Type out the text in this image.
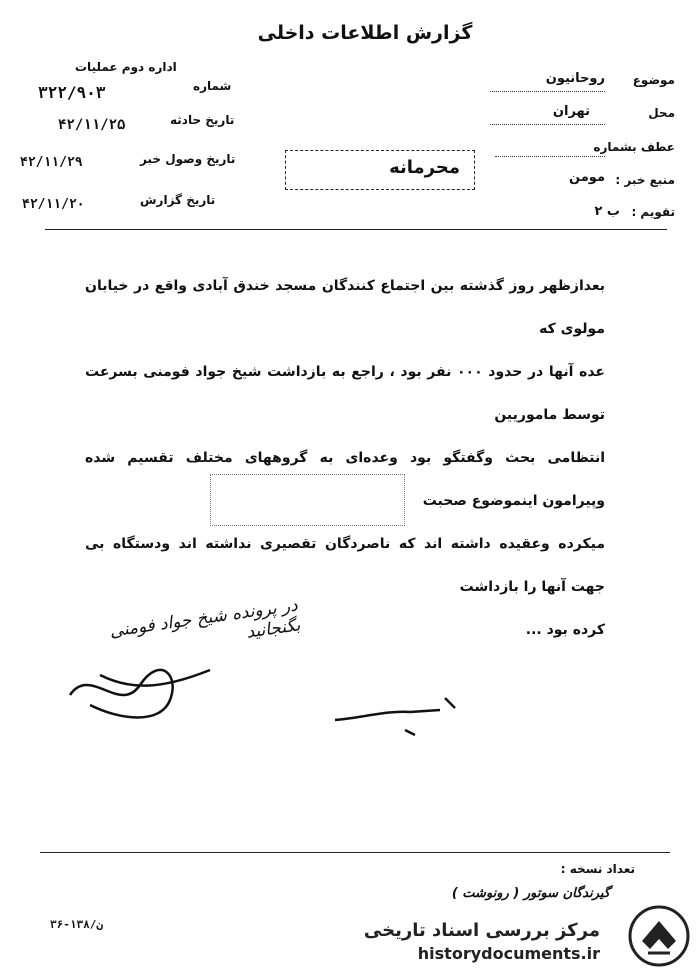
گزارش اطلاعات داخلی
اداره دوم عملیات
شماره
۳۲۲/۹۰۳
تاریخ حادثه
۴۲/۱۱/۲۵
تاریخ وصول خبر
۴۲/۱۱/۲۹
تاریخ گزارش
۴۲/۱۱/۲۰
محرمانه
موضوع
روحانیون
محل
تهران
عطف بشماره
منبع خبر :
مومن
تقویم :
ب ۲
بعدازظهر روز گذشته بین اجتماع کنندگان مسجد خندق آبادی واقع در خیابان مولوی که
عده آنها در حدود ۰۰۰ نفر بود ، راجع به بازداشت شیخ جواد فومنی بسرعت توسط ماموریین
انتظامی بحث وگفتگو بود وعده‌ای به گروههای مختلف تقسیم شده وپیرامون اینموضوع صحبت
میکرده وعقیده داشته اند که ناصردگان تقصیری نداشته اند ودستگاه بی جهت آنها را بازداشت
کرده بود ...
در پرونده شیخ جواد فومنی بگنجانید
تعداد نسخه :
گیرندگان سوتور ( رونوشت )
ن/۱۳۸-۳۶	مرکز بررسی اسناد تاریخی
historydocuments.ir
